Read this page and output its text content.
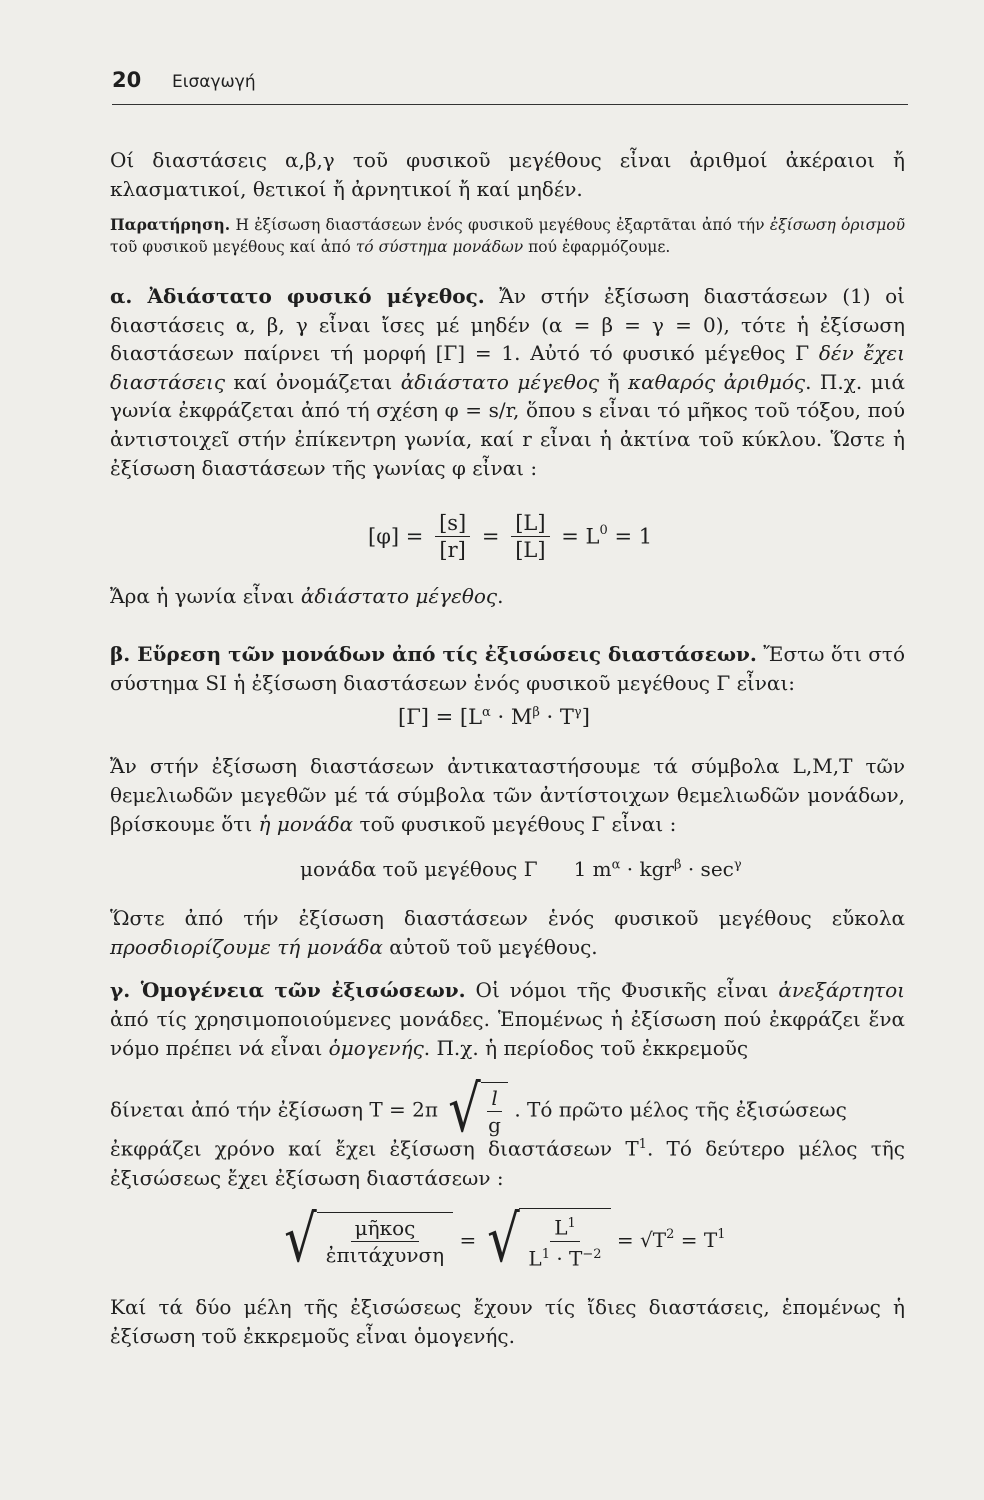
20 Εισαγωγή

Οί διαστάσεις α,β,γ τοῦ φυσικοῦ μεγέθους εἶναι ἀριθμοί ἀκέραιοι ἤ κλασματικοί, θετικοί ἤ ἀρνητικοί ἤ καί μηδέν.

Παρατήρηση. Η ἐξίσωση διαστάσεων ἑνός φυσικοῦ μεγέθους ἐξαρτᾶται ἀπό τήν ἐξίσωση ὁρισμοῦ τοῦ φυσικοῦ μεγέθους καί ἀπό τό σύστημα μονάδων πού ἐφαρμόζουμε.

α. Ἀδιάστατο φυσικό μέγεθος. Ἄν στήν ἐξίσωση διαστάσεων (1) οἱ διαστάσεις α, β, γ εἶναι ἴσες μέ μηδέν (α = β = γ = 0), τότε ἡ ἐξίσωση διαστάσεων παίρνει τή μορφή [Γ] = 1. Αὐτό τό φυσικό μέγεθος Γ δέν ἔχει διαστάσεις καί ὀνομάζεται ἀδιάστατο μέγεθος ἤ καθαρός ἀριθμός. Π.χ. μιά γωνία ἐκφράζεται ἀπό τή σχέση φ = s/r, ὅπου s εἶναι τό μῆκος τοῦ τόξου, πού ἀντιστοιχεῖ στήν ἐπίκεντρη γωνία, καί r εἶναι ἡ ἀκτίνα τοῦ κύκλου. Ὥστε ἡ ἐξίσωση διαστάσεων τῆς γωνίας φ εἶναι :

$[\varphi] = \frac{[s]}{[r]} = \frac{[L]}{[L]} = L^0 = 1$

Ἄρα ἡ γωνία εἶναι ἀδιάστατο μέγεθος.

β. Εὕρεση τῶν μονάδων ἀπό τίς ἐξισώσεις διαστάσεων. Ἔστω ὅτι στό σύστημα SI ἡ ἐξίσωση διαστάσεων ἑνός φυσικοῦ μεγέθους Γ εἶναι:

$[\Gamma] = [L^\alpha \cdot M^\beta \cdot T^\gamma]$

Ἄν στήν ἐξίσωση διαστάσεων ἀντικαταστήσουμε τά σύμβολα L,M,T τῶν θεμελιωδῶν μεγεθῶν μέ τά σύμβολα τῶν ἀντίστοιχων θεμελιωδῶν μονάδων, βρίσκουμε ὅτι ἡ μονάδα τοῦ φυσικοῦ μεγέθους Γ εἶναι :

μονάδα τοῦ μεγέθους Γ 1 $m^\alpha \cdot kgr^\beta \cdot \sec^\gamma$

Ὥστε ἀπό τήν ἐξίσωση διαστάσεων ἑνός φυσικοῦ μεγέθους εὔκολα προσδιορίζουμε τή μονάδα αὐτοῦ τοῦ μεγέθους.

γ. Ὁμογένεια τῶν ἐξισώσεων. Οἱ νόμοι τῆς Φυσικῆς εἶναι ἀνεξάρτητοι ἀπό τίς χρησιμοποιούμενες μονάδες. Ἑπομένως ἡ ἐξίσωση πού ἐκφράζει ἕνα νόμο πρέπει νά εἶναι ὁμογενής. Π.χ. ἡ περίοδος τοῦ ἐκκρεμοῦς

δίνεται ἀπό τήν ἐξίσωση T = 2π √ $\frac{l}{g}$ . Τό πρῶτο μέλος τῆς ἐξισώσεως

ἐκφράζει χρόνο καί ἔχει ἐξίσωση διαστάσεων $T^1$. Τό δεύτερο μέλος τῆς ἐξισώσεως ἔχει ἐξίσωση διαστάσεων :

√ $\frac{\text{μῆκος}}{\text{ἐπιτάχυνση}}$ = √ $\frac{L^1}{L^1 \cdot T^{-2}} = √T^2 = T^1$

Καί τά δύο μέλη τῆς ἐξισώσεως ἔχουν τίς ἴδιες διαστάσεις, ἑπομένως ἡ ἐξίσωση τοῦ ἐκκρεμοῦς εἶναι ὁμογενής.
